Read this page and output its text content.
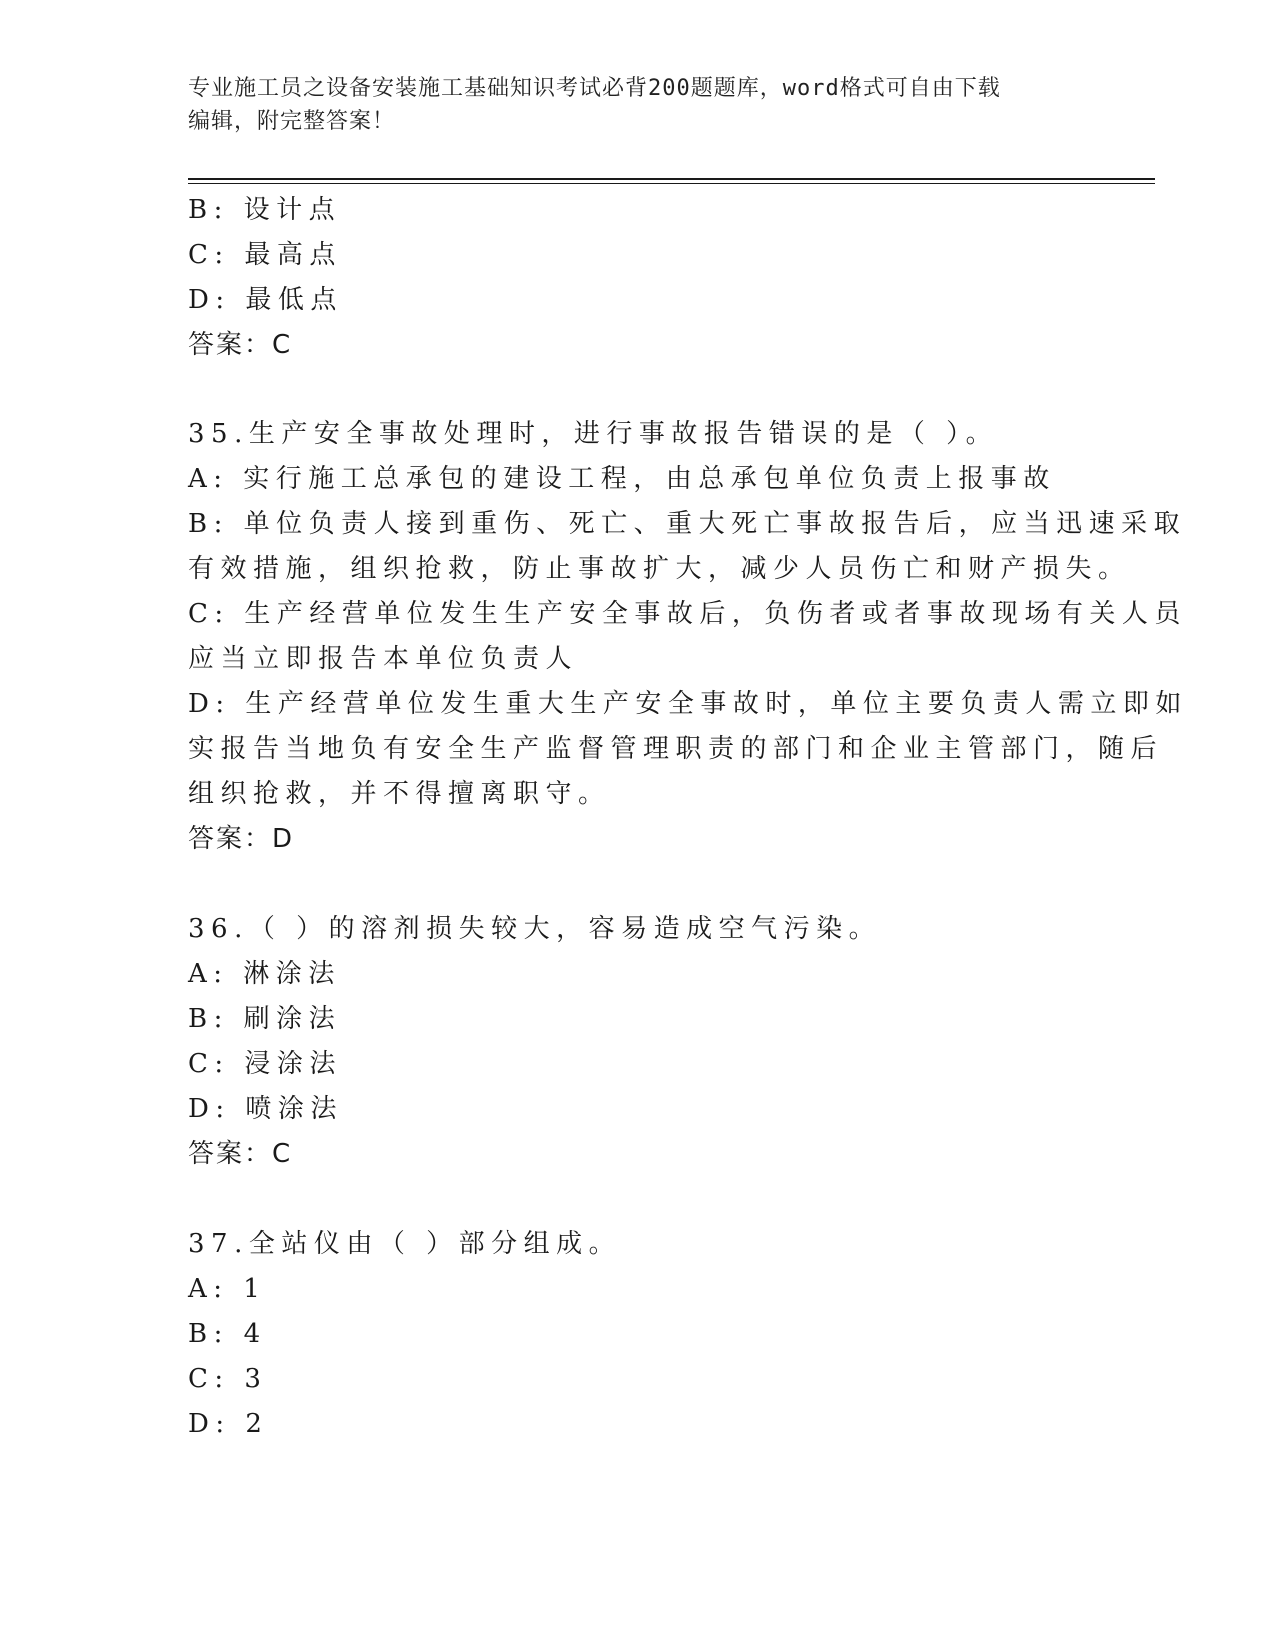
专业施工员之设备安装施工基础知识考试必背200题题库，word格式可自由下载
编辑，附完整答案！
B: 设计点
C: 最高点
D: 最低点
答案：C
35.生产安全事故处理时，进行事故报告错误的是（ ）。
A: 实行施工总承包的建设工程，由总承包单位负责上报事故
B: 单位负责人接到重伤、死亡、重大死亡事故报告后，应当迅速采取
有效措施，组织抢救，防止事故扩大，减少人员伤亡和财产损失。
C: 生产经营单位发生生产安全事故后，负伤者或者事故现场有关人员
应当立即报告本单位负责人
D: 生产经营单位发生重大生产安全事故时，单位主要负责人需立即如
实报告当地负有安全生产监督管理职责的部门和企业主管部门，随后
组织抢救，并不得擅离职守。
答案：D
36.（ ）的溶剂损失较大，容易造成空气污染。
A: 淋涂法
B: 刷涂法
C: 浸涂法
D: 喷涂法
答案：C
37.全站仪由（ ）部分组成。
A: 1
B: 4
C: 3
D: 2
